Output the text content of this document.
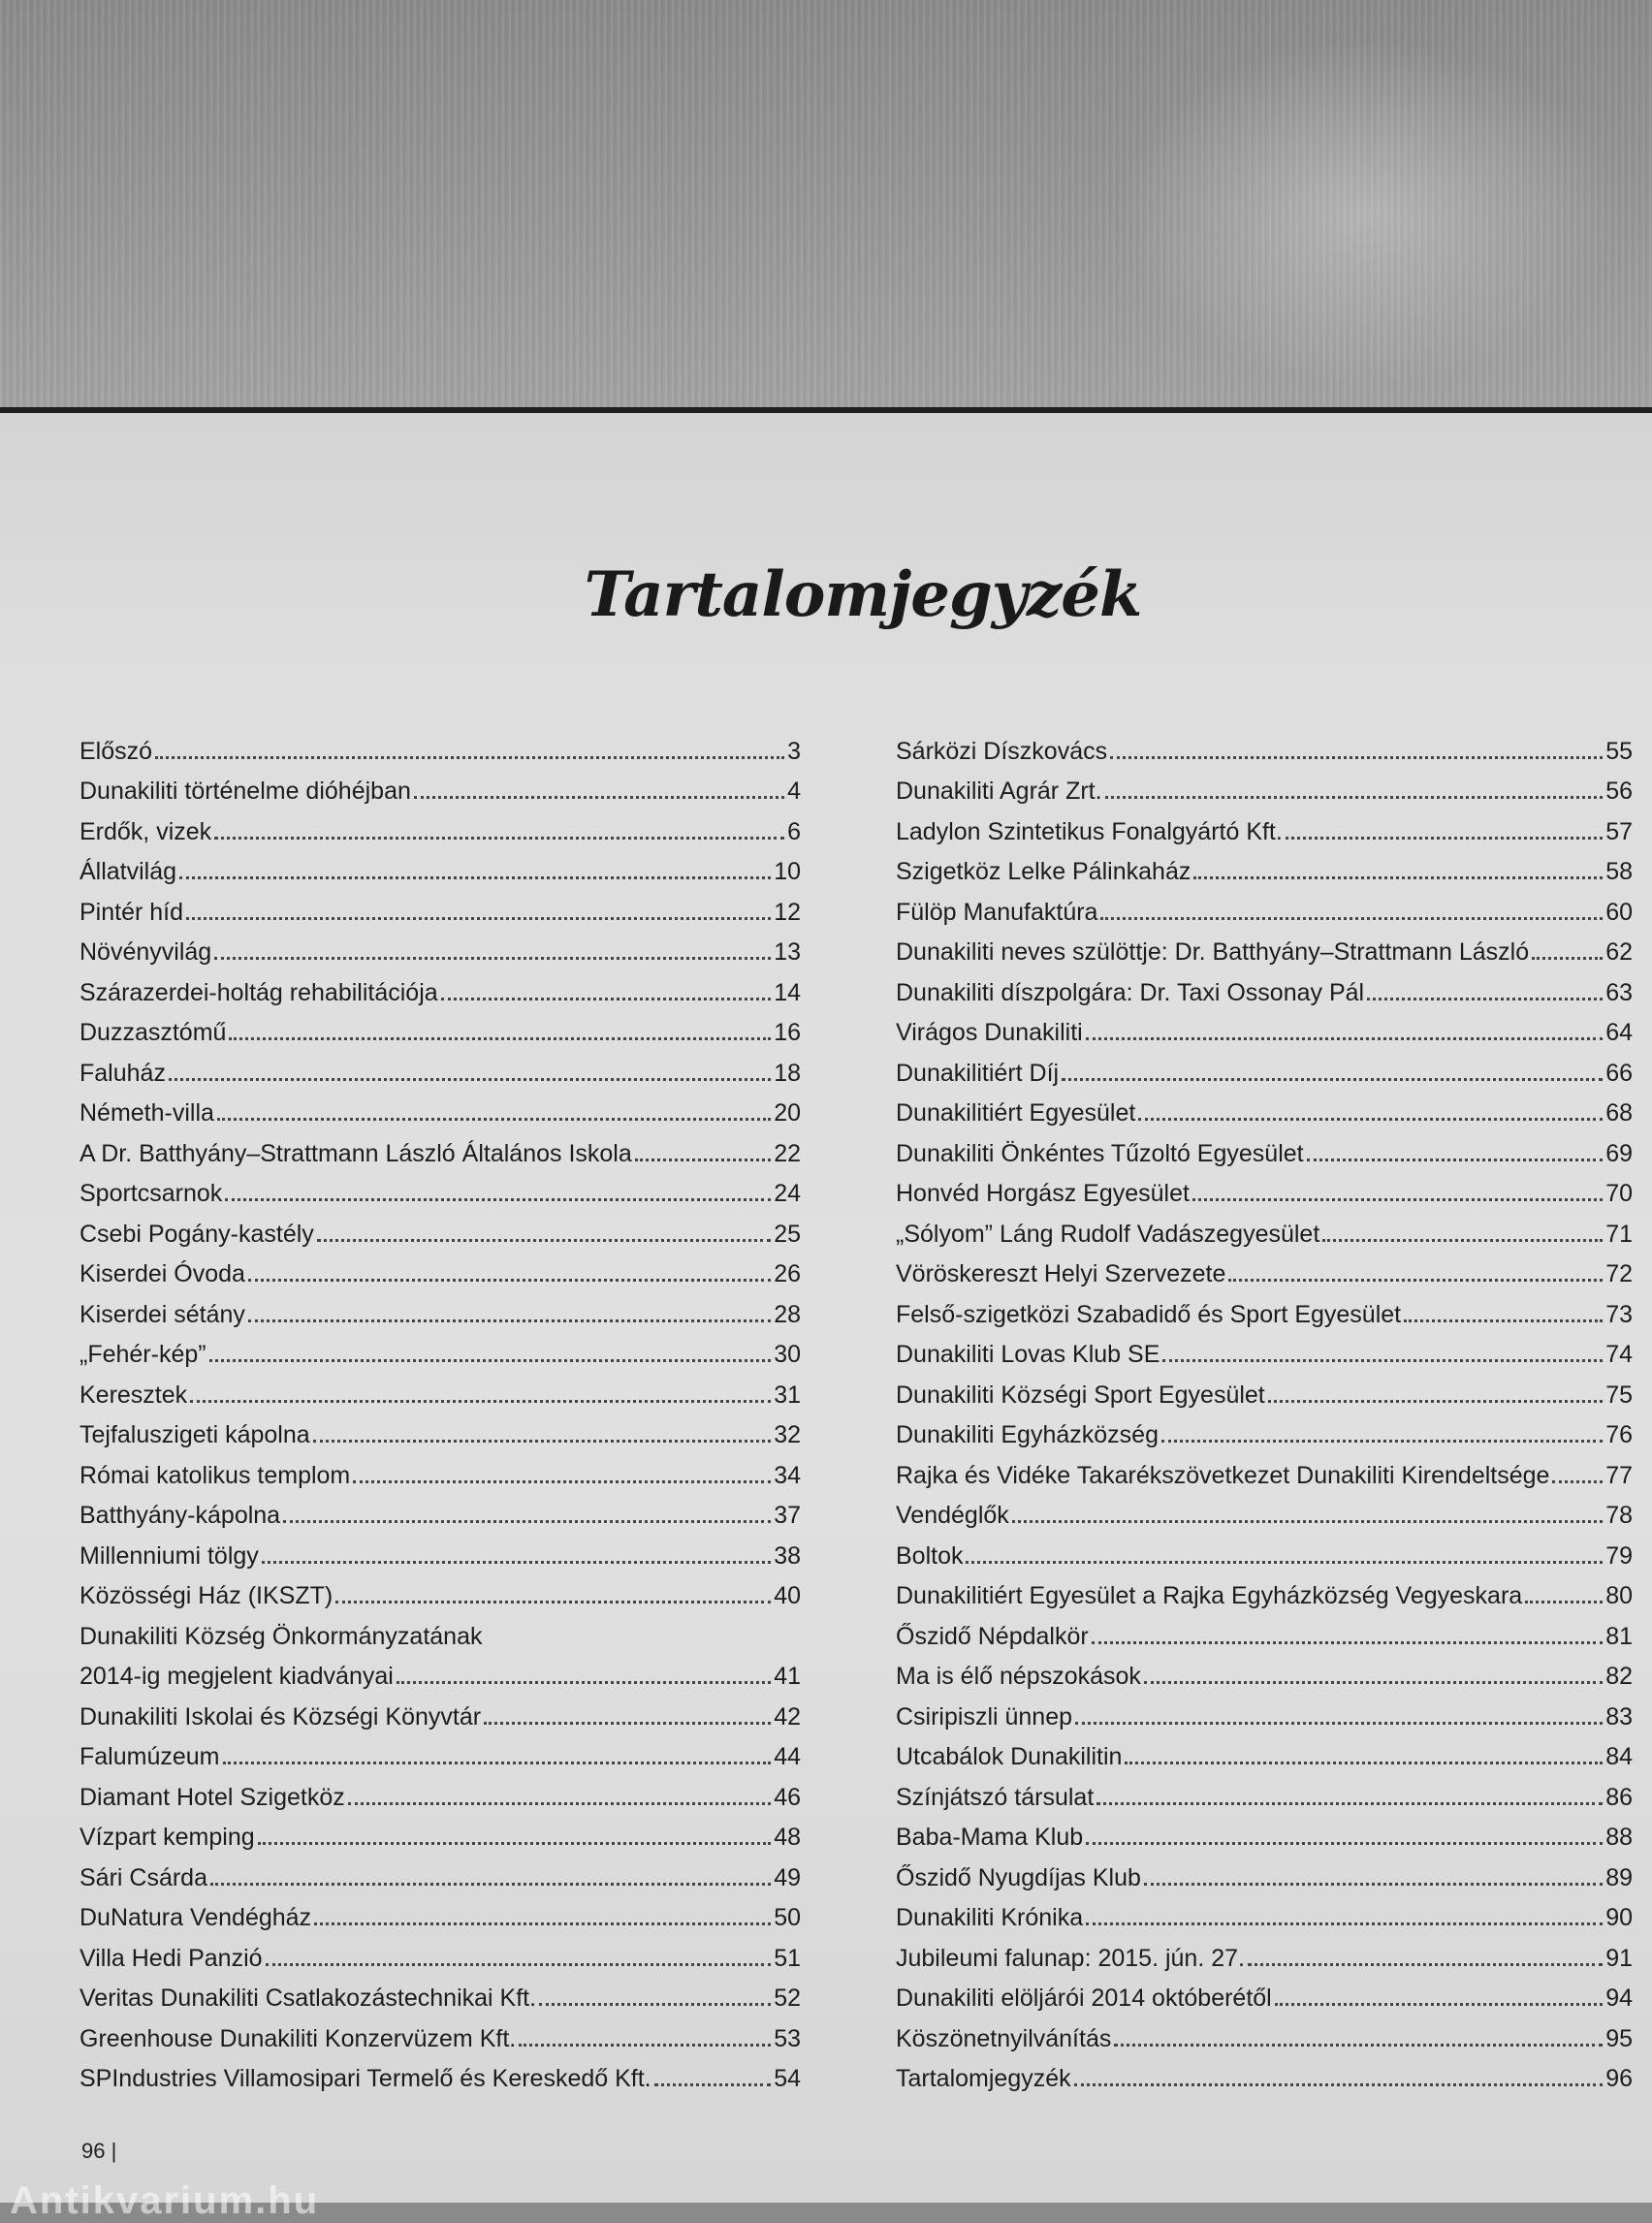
Tartalomjegyzék
Előszó	3
Dunakiliti történelme dióhéjban	4
Erdők, vizek	6
Állatvilág	10
Pintér híd	12
Növényvilág	13
Szárazerdei-holtág rehabilitációja	14
Duzzasztómű	16
Faluház	18
Németh-villa	20
A Dr. Batthyány–Strattmann László Általános Iskola	22
Sportcsarnok	24
Csebi Pogány-kastély	25
Kiserdei Óvoda	26
Kiserdei sétány	28
„Fehér-kép”	30
Keresztek	31
Tejfaluszigeti kápolna	32
Római katolikus templom	34
Batthyány-kápolna	37
Millenniumi tölgy	38
Közösségi Ház (IKSZT)	40
Dunakiliti Község Önkormányzatának
2014-ig megjelent kiadványai	41
Dunakiliti Iskolai és Községi Könyvtár	42
Falumúzeum	44
Diamant Hotel Szigetköz	46
Vízpart kemping	48
Sári Csárda	49
DuNatura Vendégház	50
Villa Hedi Panzió	51
Veritas Dunakiliti Csatlakozástechnikai Kft.	52
Greenhouse Dunakiliti Konzervüzem Kft.	53
SPIndustries Villamosipari Termelő és Kereskedő Kft.	54
Sárközi Díszkovács	55
Dunakiliti Agrár Zrt.	56
Ladylon Szintetikus Fonalgyártó Kft.	57
Szigetköz Lelke Pálinkaház	58
Fülöp Manufaktúra	60
Dunakiliti neves szülöttje: Dr. Batthyány–Strattmann László	62
Dunakiliti díszpolgára: Dr. Taxi Ossonay Pál	63
Virágos Dunakiliti	64
Dunakilitiért Díj	66
Dunakilitiért Egyesület	68
Dunakiliti Önkéntes Tűzoltó Egyesület	69
Honvéd Horgász Egyesület	70
„Sólyom” Láng Rudolf Vadászegyesület	71
Vöröskereszt Helyi Szervezete	72
Felső-szigetközi Szabadidő és Sport Egyesület	73
Dunakiliti Lovas Klub SE	74
Dunakiliti Községi Sport Egyesület	75
Dunakiliti Egyházközség	76
Rajka és Vidéke Takarékszövetkezet Dunakiliti Kirendeltsége 77
Vendéglők	78
Boltok	79
Dunakilitiért Egyesület a Rajka Egyházközség Vegyeskara	80
Őszidő Népdalkör	81
Ma is élő népszokások	82
Csiripiszli ünnep	83
Utcabálok Dunakilitin	84
Színjátszó társulat	86
Baba-Mama Klub	88
Őszidő Nyugdíjas Klub	89
Dunakiliti Krónika	90
Jubileumi falunap: 2015. jún. 27.	91
Dunakiliti elöljárói 2014 októberétől	94
Köszönetnyilvánítás	95
Tartalomjegyzék	96
96 |
Antikvarium.hu
